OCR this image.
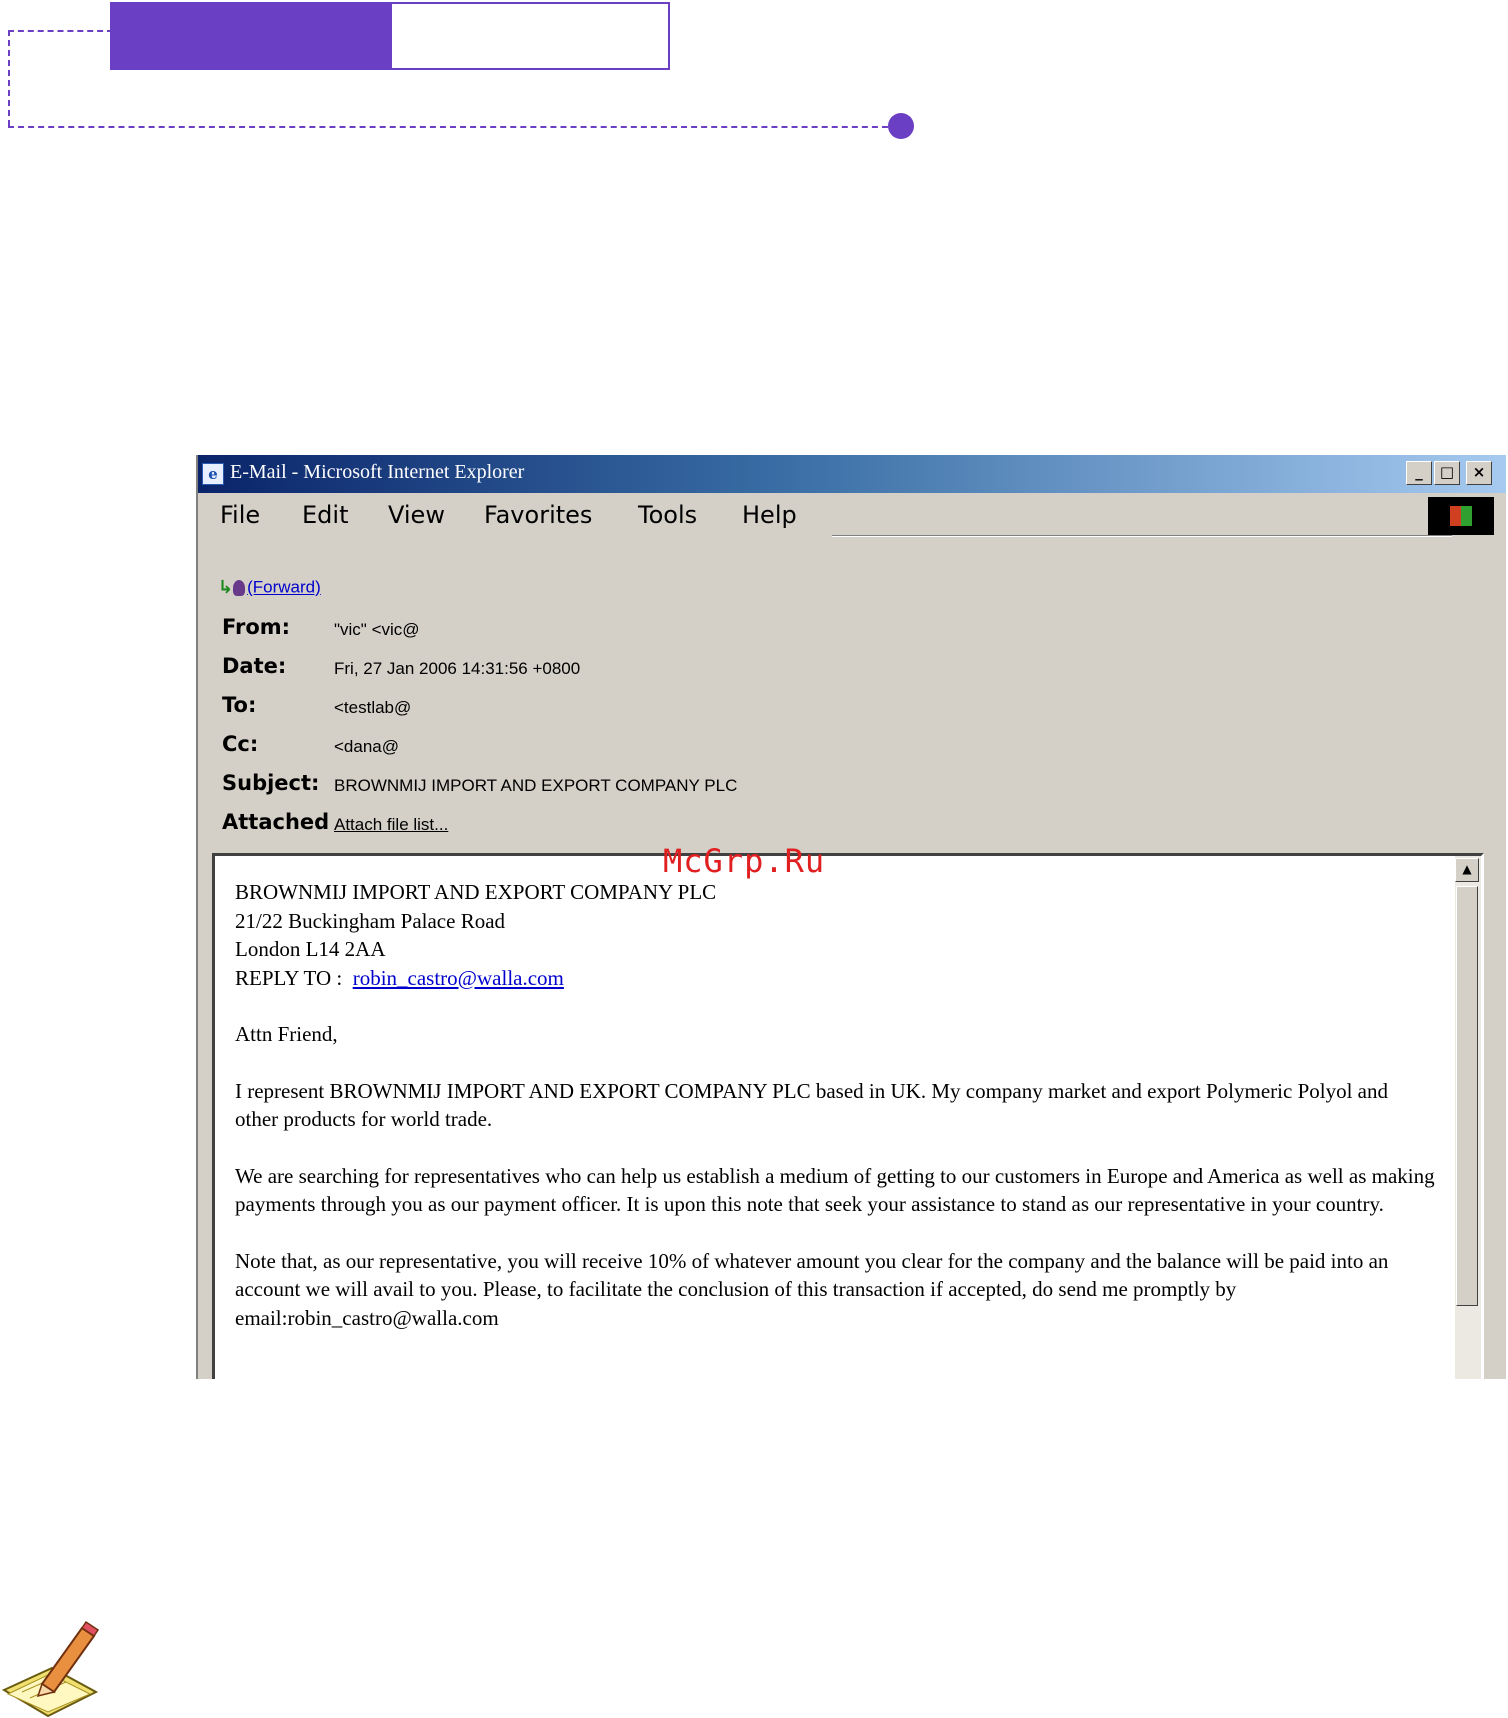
e E-Mail - Microsoft Internet Explorer	_	□	×
File Edit View Favorites Tools Help
↳ (Forward)
From:	"vic" <vic@
Date:	Fri, 27 Jan 2006 14:31:56 +0800
To:	<testlab@
Cc:	<dana@
Subject: BROWNMIJ IMPORT AND EXPORT COMPANY PLC
Attached Attach file list...
BROWNMIJ IMPORT AND EXPORT COMPANY PLC
21/22 Buckingham Palace Road
London L14 2AA
REPLY TO : robin_castro@walla.com

Attn Friend,

I represent BROWNMIJ IMPORT AND EXPORT COMPANY PLC based in UK. My company market and export Polymeric Polyol and other products for world trade.

We are searching for representatives who can help us establish a medium of getting to our customers in Europe and America as well as making payments through you as our payment officer. It is upon this note that seek your assistance to stand as our representative in your country.

Note that, as our representative, you will receive 10% of whatever amount you clear for the company and the balance will be paid into an account we will avail to you. Please, to facilitate the conclusion of this transaction if accepted, do send me promptly by email:robin_castro@walla.com

▲
McGrp.Ru
